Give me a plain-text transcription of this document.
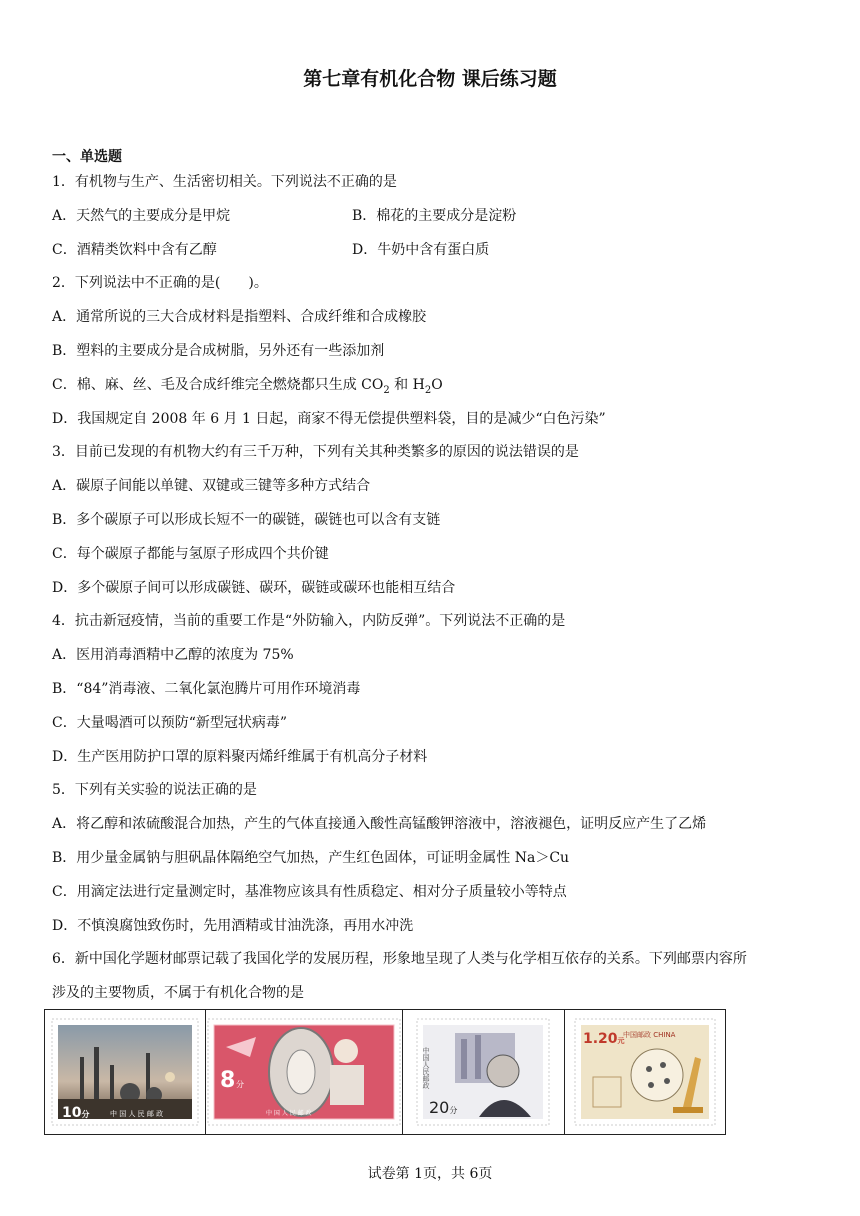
第七章有机化合物 课后练习题
一、单选题
1．有机物与生产、生活密切相关。下列说法不正确的是
A．天然气的主要成分是甲烷	B．棉花的主要成分是淀粉
C．酒精类饮料中含有乙醇	D．牛奶中含有蛋白质
2．下列说法中不正确的是(　　)。
A．通常所说的三大合成材料是指塑料、合成纤维和合成橡胶
B．塑料的主要成分是合成树脂，另外还有一些添加剂
C．棉、麻、丝、毛及合成纤维完全燃烧都只生成 $CO_2$ 和 $H_2O$
D．我国规定自 2008 年 6 月 1 日起，商家不得无偿提供塑料袋，目的是减少“白色污染”
3．目前已发现的有机物大约有三千万种，下列有关其种类繁多的原因的说法错误的是
A．碳原子间能以单键、双键或三键等多种方式结合
B．多个碳原子可以形成长短不一的碳链，碳链也可以含有支链
C．每个碳原子都能与氢原子形成四个共价键
D．多个碳原子间可以形成碳链、碳环，碳链或碳环也能相互结合
4．抗击新冠疫情，当前的重要工作是“外防输入，内防反弹”。下列说法不正确的是
A．医用消毒酒精中乙醇的浓度为 75%
B．“84”消毒液、二氧化氯泡腾片可用作环境消毒
C．大量喝酒可以预防“新型冠状病毒”
D．生产医用防护口罩的原料聚丙烯纤维属于有机高分子材料
5．下列有关实验的说法正确的是
A．将乙醇和浓硫酸混合加热，产生的气体直接通入酸性高锰酸钾溶液中，溶液褪色，证明反应产生了乙烯
B．用少量金属钠与胆矾晶体隔绝空气加热，产生红色固体，可证明金属性 Na＞Cu
C．用滴定法进行定量测定时，基准物应该具有性质稳定、相对分子质量较小等特点
D．不慎溴腐蚀致伤时，先用酒精或甘油洗涤，再用水冲洗
6．新中国化学题材邮票记载了我国化学的发展历程，形象地呈现了人类与化学相互依存的关系。下列邮票内容所
涉及的主要物质，不属于有机化合物的是
10分	中 国 人 民 邮 政
8 分
中 国 人 民 邮 政
中国人民邮政
20分
1.20元
中国邮政 CHINA
试卷第 1页，共 6页
